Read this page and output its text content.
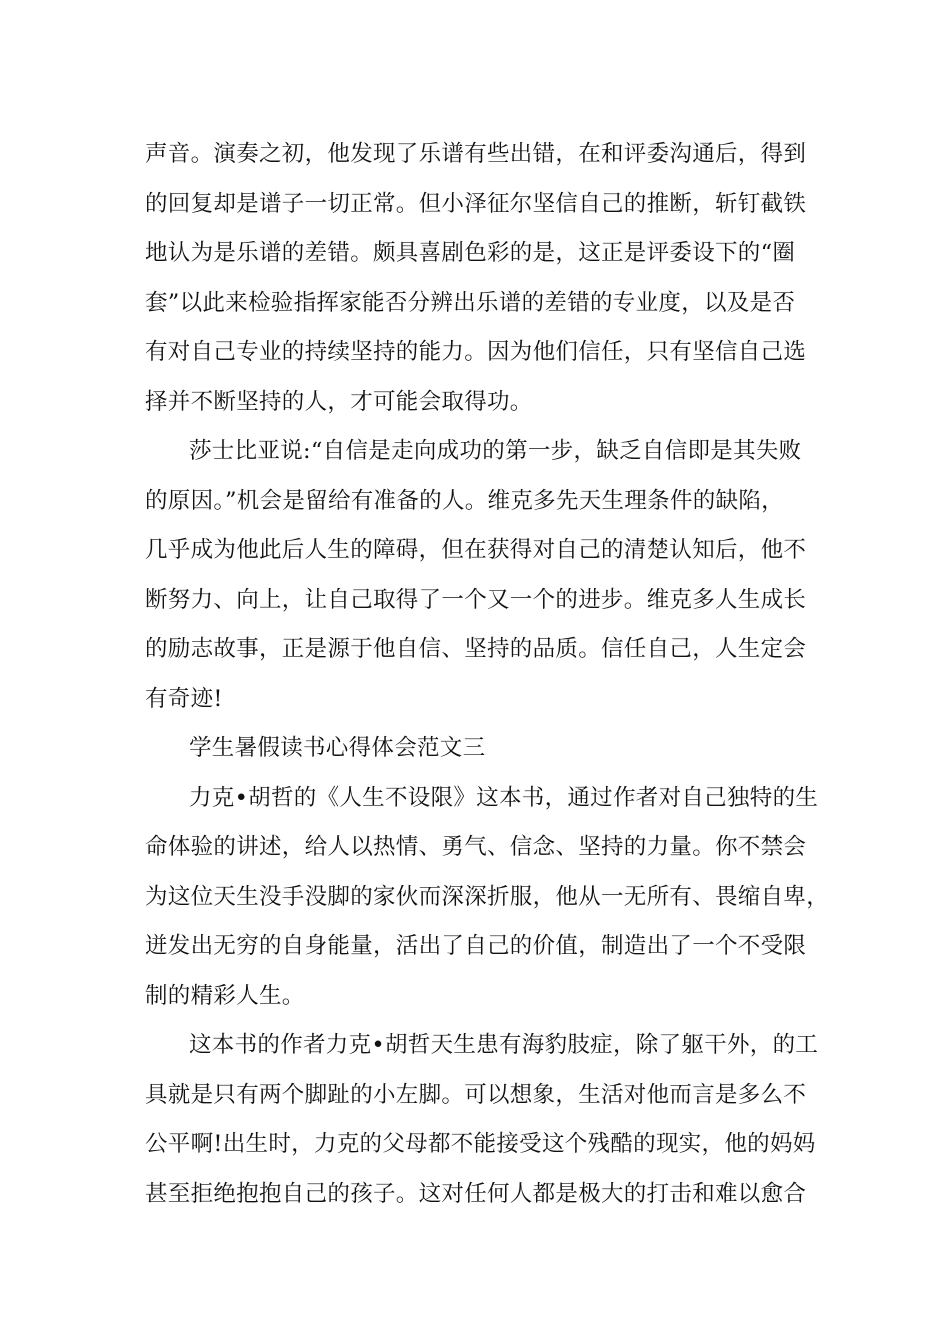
声音。演奏之初，他发现了乐谱有些出错，在和评委沟通后，得到
的回复却是谱子一切正常。但小泽征尔坚信自己的推断，斩钉截铁
地认为是乐谱的差错。颇具喜剧色彩的是，这正是评委设下的“圈
套”以此来检验指挥家能否分辨出乐谱的差错的专业度，以及是否
有对自己专业的持续坚持的能力。因为他们信任，只有坚信自己选
择并不断坚持的人，才可能会取得功。
莎士比亚说:“自信是走向成功的第一步，缺乏自信即是其失败
的原因。”机会是留给有准备的人。维克多先天生理条件的缺陷，
几乎成为他此后人生的障碍，但在获得对自己的清楚认知后，他不
断努力、向上，让自己取得了一个又一个的进步。维克多人生成长
的励志故事，正是源于他自信、坚持的品质。信任自己，人生定会
有奇迹!
学生暑假读书心得体会范文三
力克•胡哲的《人生不设限》这本书，通过作者对自己独特的生
命体验的讲述，给人以热情、勇气、信念、坚持的力量。你不禁会
为这位天生没手没脚的家伙而深深折服，他从一无所有、畏缩自卑，
迸发出无穷的自身能量，活出了自己的价值，制造出了一个不受限
制的精彩人生。
这本书的作者力克•胡哲天生患有海豹肢症，除了躯干外，的工
具就是只有两个脚趾的小左脚。可以想象，生活对他而言是多么不
公平啊!出生时，力克的父母都不能接受这个残酷的现实，他的妈妈
甚至拒绝抱抱自己的孩子。这对任何人都是极大的打击和难以愈合
